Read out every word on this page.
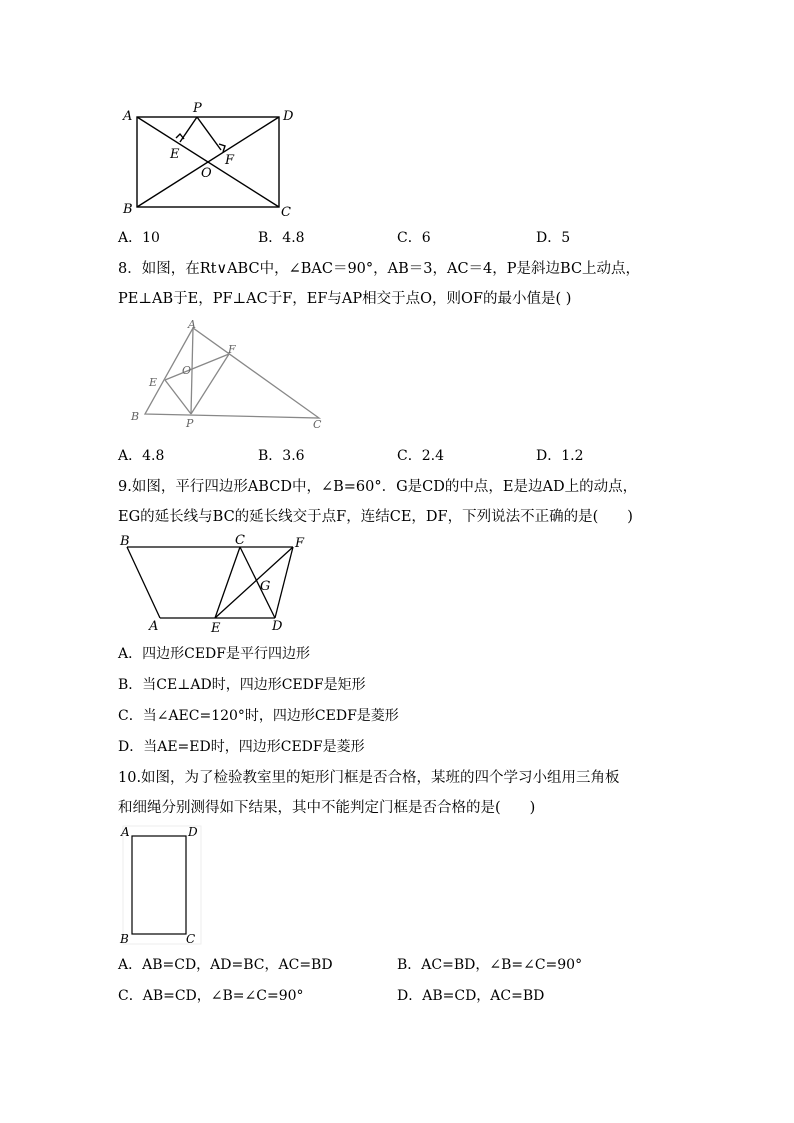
A	D
B	C
P
E	F
O
A．10	B．4.8	C．6	D．5
8．如图，在Rt∨ABC中，∠BAC＝90°，AB＝3，AC＝4，P是斜边BC上动点，
PE⊥AB于E，PF⊥AC于F，EF与AP相交于点O，则OF的最小值是( )
A
B
C
P
E
F
O
A．4.8	B．3.6	C．2.4	D．1.2
9.如图，平行四边形ABCD中，∠B=60°．G是CD的中点，E是边AD上的动点，
EG的延长线与BC的延长线交于点F，连结CE，DF，下列说法不正确的是(　　)
B	C	F
G
A	E	D
A．四边形CEDF是平行四边形
B．当CE⊥AD时，四边形CEDF是矩形
C．当∠AEC=120°时，四边形CEDF是菱形
D．当AE=ED时，四边形CEDF是菱形
10.如图，为了检验教室里的矩形门框是否合格，某班的四个学习小组用三角板
和细绳分别测得如下结果，其中不能判定门框是否合格的是(　　)
A	D
B	C
A．AB=CD，AD=BC，AC=BD	B．AC=BD，∠B=∠C=90°
C．AB=CD，∠B=∠C=90°	D．AB=CD，AC=BD
